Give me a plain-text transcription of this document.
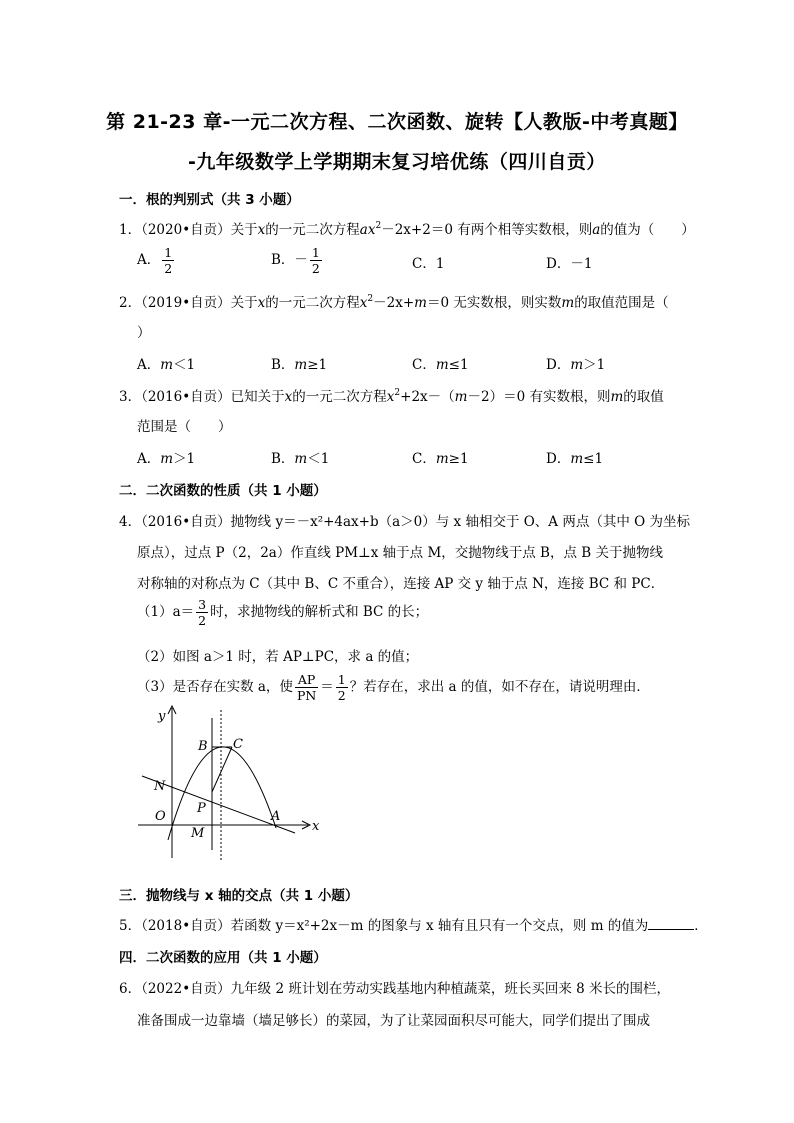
第 21-23 章-一元二次方程、二次函数、旋转【人教版-中考真题】
-九年级数学上学期期末复习培优练（四川自贡）
一．根的判别式（共 3 小题）
1．（2020•自贡）关于x的一元二次方程$ax^2-2x+2=0$ 有两个相等实数根，则a的值为（　　）
A． $\frac{1}{2}$	B．－ $\frac{1}{2}$	C．1	D．－1
2．（2019•自贡）关于x的一元二次方程$x^2-2x+m=0$ 无实数根，则实数m的取值范围是（
）
A．m＜1	B．m≥1	C．m≤1	D．m＞1
3．（2016•自贡）已知关于x的一元二次方程$x^2+2x-(m-2)=0$ 有实数根，则m的取值
范围是（　　）
A．m＞1	B．m＜1	C．m≥1	D．m≤1
二．二次函数的性质（共 1 小题）
4．（2016•自贡）抛物线 y＝－x²+4ax+b（a＞0）与 x 轴相交于 O、A 两点（其中 O 为坐标
原点），过点 P（2，2a）作直线 PM⊥x 轴于点 M，交抛物线于点 B，点 B 关于抛物线
对称轴的对称点为 C（其中 B、C 不重合），连接 AP 交 y 轴于点 N，连接 BC 和 PC．
$(1)a= \frac{3}{2}$ 时，求抛物线的解析式和 BC 的长；
（2）如图 a＞1 时，若 AP⊥PC，求 a 的值；
（3）是否存在实数 a，使 $\frac{AP}{PN} = \frac{1}{2}$ ？若存在，求出 a 的值，如不存在，请说明理由．
y
x
B C
N
P
O
M
A
三．抛物线与 x 轴的交点（共 1 小题）
5．（2018•自贡）若函数 y＝x²+2x－m 的图象与 x 轴有且只有一个交点，则 m 的值为	．
四．二次函数的应用（共 1 小题）
6．（2022•自贡）九年级 2 班计划在劳动实践基地内种植蔬菜，班长买回来 8 米长的围栏，
准备围成一边靠墙（墙足够长）的菜园，为了让菜园面积尽可能大，同学们提出了围成
